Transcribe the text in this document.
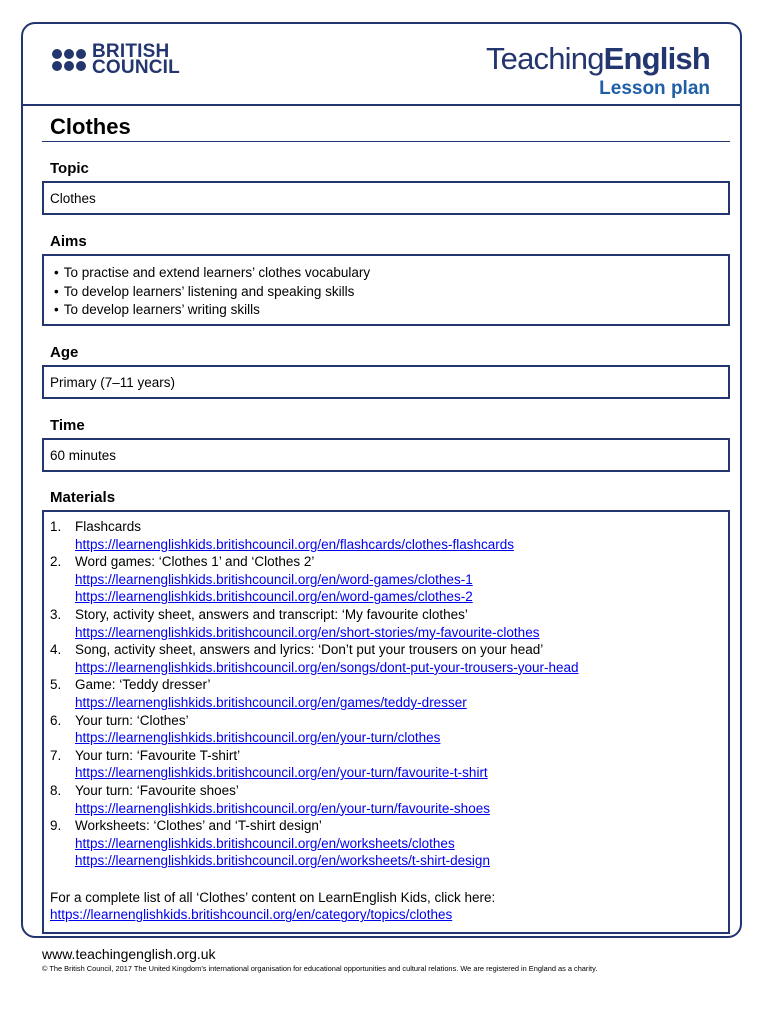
BRITISH
COUNCIL	TeachingEnglish
Lesson plan
Clothes
Topic
Clothes
Aims
• To practise and extend learners’ clothes vocabulary
• To develop learners’ listening and speaking skills
• To develop learners’ writing skills
Age
Primary (7–11 years)
Time
60 minutes
Materials
1. Flashcards
https://learnenglishkids.britishcouncil.org/en/flashcards/clothes-flashcards
2. Word games: ‘Clothes 1’ and ‘Clothes 2’
https://learnenglishkids.britishcouncil.org/en/word-games/clothes-1
https://learnenglishkids.britishcouncil.org/en/word-games/clothes-2
3. Story, activity sheet, answers and transcript: ‘My favourite clothes’
https://learnenglishkids.britishcouncil.org/en/short-stories/my-favourite-clothes
4. Song, activity sheet, answers and lyrics: ‘Don’t put your trousers on your head’
https://learnenglishkids.britishcouncil.org/en/songs/dont-put-your-trousers-your-head
5. Game: ‘Teddy dresser’
https://learnenglishkids.britishcouncil.org/en/games/teddy-dresser
6. Your turn: ‘Clothes’
https://learnenglishkids.britishcouncil.org/en/your-turn/clothes
7. Your turn: ‘Favourite T-shirt’
https://learnenglishkids.britishcouncil.org/en/your-turn/favourite-t-shirt
8. Your turn: ‘Favourite shoes’
https://learnenglishkids.britishcouncil.org/en/your-turn/favourite-shoes
9. Worksheets: ‘Clothes’ and ‘T-shirt design’
https://learnenglishkids.britishcouncil.org/en/worksheets/clothes
https://learnenglishkids.britishcouncil.org/en/worksheets/t-shirt-design
For a complete list of all ‘Clothes’ content on LearnEnglish Kids, click here:
https://learnenglishkids.britishcouncil.org/en/category/topics/clothes
www.teachingenglish.org.uk
© The British Council, 2017 The United Kingdom’s international organisation for educational opportunities and cultural relations. We are registered in England as a charity.
